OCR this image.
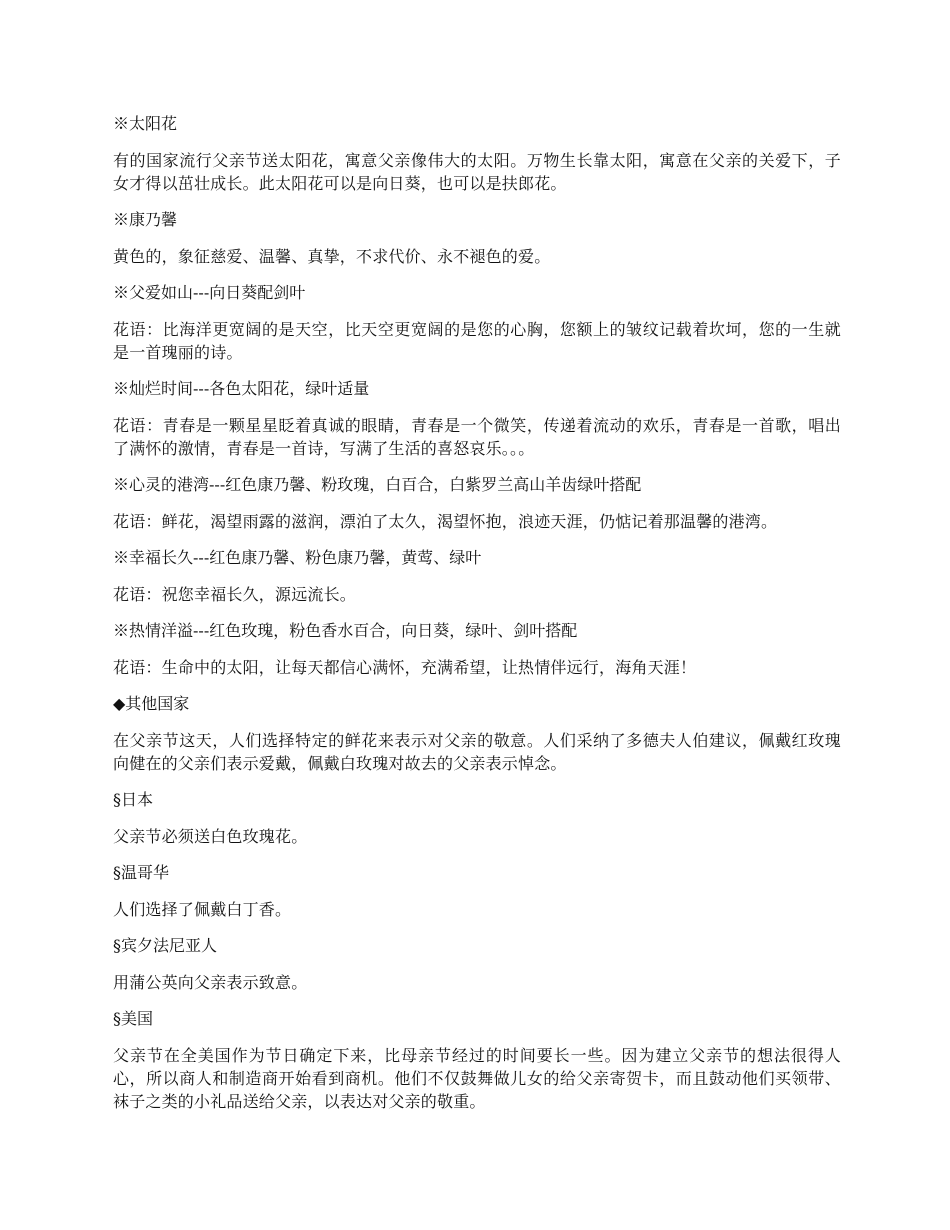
※太阳花

有的国家流行父亲节送太阳花，寓意父亲像伟大的太阳。万物生长靠太阳，寓意在父亲的关爱下，子女才得以茁壮成长。此太阳花可以是向日葵，也可以是扶郎花。

※康乃馨

黄色的，象征慈爱、温馨、真挚，不求代价、永不褪色的爱。

※父爱如山---向日葵配剑叶

花语：比海洋更宽阔的是天空，比天空更宽阔的是您的心胸，您额上的皱纹记载着坎坷，您的一生就是一首瑰丽的诗。

※灿烂时间---各色太阳花，绿叶适量

花语：青春是一颗星星眨着真诚的眼睛，青春是一个微笑，传递着流动的欢乐，青春是一首歌，唱出了满怀的激情，青春是一首诗，写满了生活的喜怒哀乐。。。

※心灵的港湾---红色康乃馨、粉玫瑰，白百合，白紫罗兰高山羊齿绿叶搭配

花语：鲜花，渴望雨露的滋润，漂泊了太久，渴望怀抱，浪迹天涯，仍惦记着那温馨的港湾。

※幸福长久---红色康乃馨、粉色康乃馨，黄莺、绿叶

花语：祝您幸福长久，源远流长。

※热情洋溢---红色玫瑰，粉色香水百合，向日葵，绿叶、剑叶搭配

花语：生命中的太阳，让每天都信心满怀，充满希望，让热情伴远行，海角天涯！

◆其他国家

在父亲节这天，人们选择特定的鲜花来表示对父亲的敬意。人们采纳了多德夫人伯建议，佩戴红玫瑰向健在的父亲们表示爱戴，佩戴白玫瑰对故去的父亲表示悼念。

§日本

父亲节必须送白色玫瑰花。

§温哥华

人们选择了佩戴白丁香。

§宾夕法尼亚人

用蒲公英向父亲表示致意。

§美国

父亲节在全美国作为节日确定下来，比母亲节经过的时间要长一些。因为建立父亲节的想法很得人心，所以商人和制造商开始看到商机。他们不仅鼓舞做儿女的给父亲寄贺卡，而且鼓动他们买领带、袜子之类的小礼品送给父亲，以表达对父亲的敬重。
